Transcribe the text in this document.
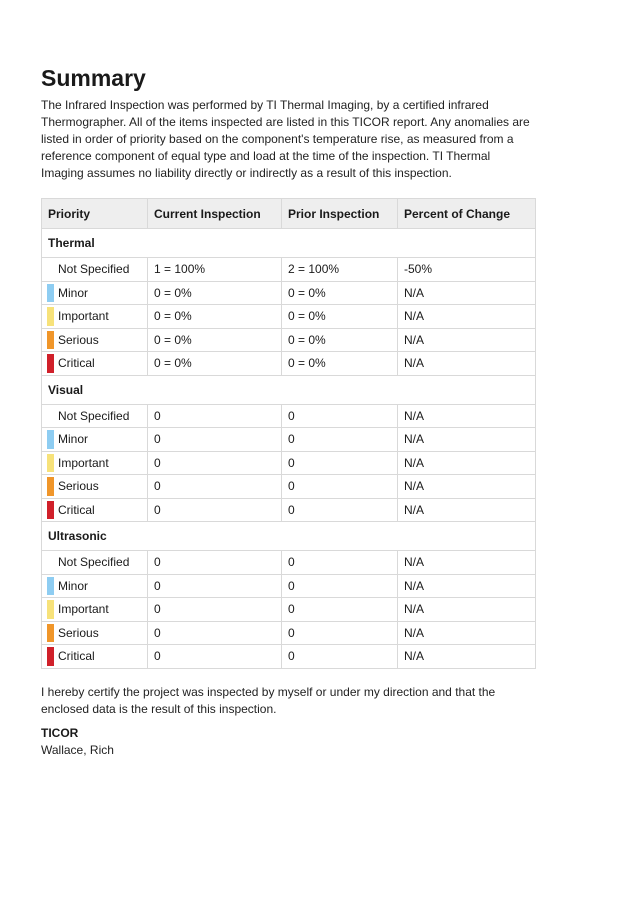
Summary

The Infrared Inspection was performed by TI Thermal Imaging, by a certified infrared Thermographer. All of the items inspected are listed in this TICOR report. Any anomalies are listed in order of priority based on the component's temperature rise, as measured from a reference component of equal type and load at the time of the inspection. TI Thermal Imaging assumes no liability directly or indirectly as a result of this inspection.

Priority	Current Inspection	Prior Inspection	Percent of Change
Thermal			
Not Specified	1 = 100%	2 = 100%	-50%

Minor	0 = 0%	0 = 0%	N/A

Important	0 = 0%	0 = 0%	N/A

Serious	0 = 0%	0 = 0%	N/A

Critical	0 = 0%	0 = 0%	N/A
Visual			
Not Specified	0	0	N/A

Minor	0	0	N/A

Important	0	0	N/A

Serious	0	0	N/A

Critical	0	0	N/A
Ultrasonic			
Not Specified	0	0	N/A

Minor	0	0	N/A

Important	0	0	N/A

Serious	0	0	N/A

Critical	0	0	N/A

I hereby certify the project was inspected by myself or under my direction and that the enclosed data is the result of this inspection.

TICOR
Wallace, Rich
